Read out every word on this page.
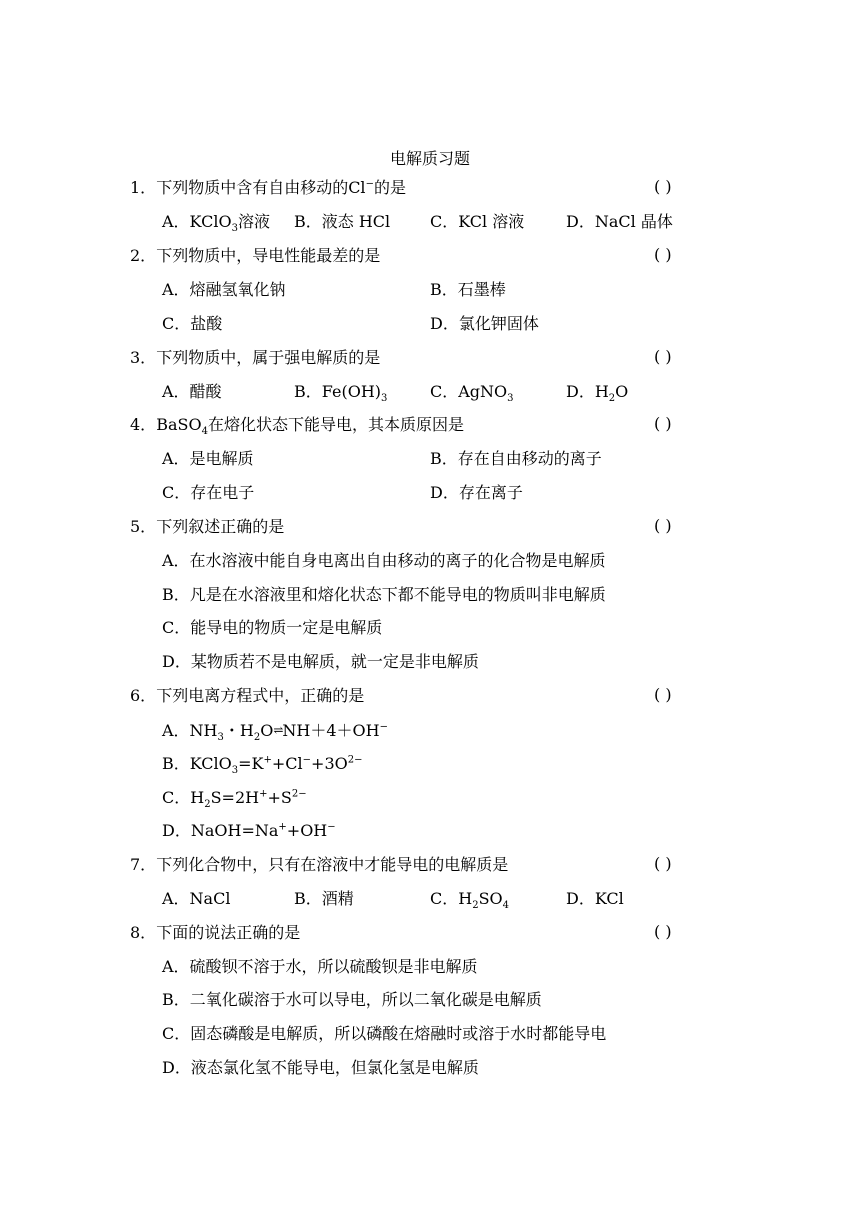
电解质习题
1．下列物质中含有自由移动的Cl−的是	( )
A．KClO$_3$溶液 B．液态 HCl C．KCl 溶液	D．NaCl 晶体
2．下列物质中，导电性能最差的是	( )
A．熔融氢氧化钠	B．石墨棒
C．盐酸	D．氯化钾固体
3．下列物质中，属于强电解质的是	( )
A．醋酸	B．$Fe(OH)_3$	C．AgNO$_3$	D．$H_2O$
4．BaSO$_4$在熔化状态下能导电，其本质原因是	( )
A．是电解质	B．存在自由移动的离子
C．存在电子	D．存在离子
5．下列叙述正确的是	( )
A．在水溶液中能自身电离出自由移动的离子的化合物是电解质
B．凡是在水溶液里和熔化状态下都不能导电的物质叫非电解质
C．能导电的物质一定是电解质
D．某物质若不是电解质，就一定是非电解质
6．下列电离方程式中，正确的是	( )
A．$NH_3$・$H_2O\rightleftharpoons NH+4+OH^-$
B．$KClO_3=K^++Cl^-+3O^{2-}$
C．$H_2S=2H^++S^{2-}$
D．NaOH=Na++OH−
7．下列化合物中，只有在溶液中才能导电的电解质是	( )
A．NaCl	B．酒精	C．$H_2SO_4$	D．KCl
8．下面的说法正确的是	( )
A．硫酸钡不溶于水，所以硫酸钡是非电解质
B．二氧化碳溶于水可以导电，所以二氧化碳是电解质
C．固态磷酸是电解质，所以磷酸在熔融时或溶于水时都能导电
D．液态氯化氢不能导电，但氯化氢是电解质
